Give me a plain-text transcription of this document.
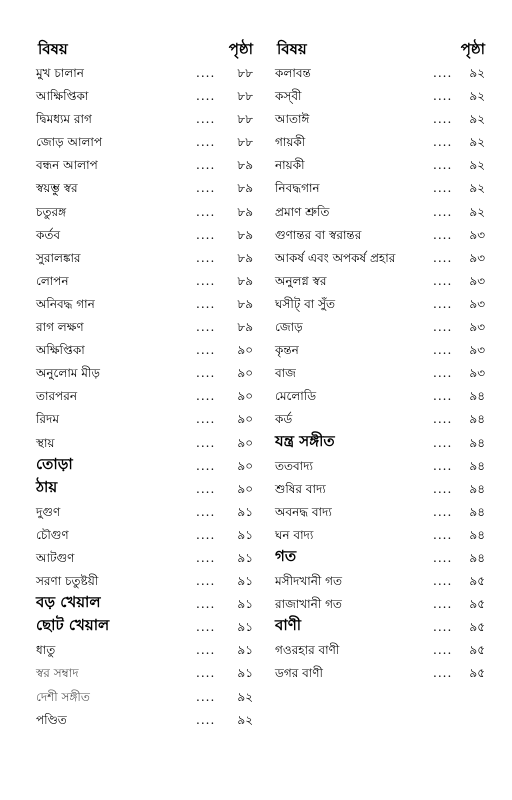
বিষয়	পৃষ্ঠা
মুখ চালান	.... ৮৮
আক্ষিপ্তিকা	.... ৮৮
দ্বিমধ্যম রাগ	.... ৮৮
জোড় আলাপ	.... ৮৮
বন্ধন আলাপ	.... ৮৯
স্বয়ম্ভু স্বর	.... ৮৯
চতুরঙ্গ	.... ৮৯
কর্তব	.... ৮৯
সুরালঙ্কার	.... ৮৯
লোপন	.... ৮৯
অনিবদ্ধ গান	.... ৮৯
রাগ লক্ষণ	.... ৮৯
অক্ষিপ্তিকা	.... ৯০
অনুলোম মীড়	.... ৯০
তারপরন	.... ৯০
রিদম	.... ৯০
স্থায়	.... ৯০
তোড়া	.... ৯০
ঠায়	.... ৯০
দুগুণ	.... ৯১
চৌগুণ	.... ৯১
আটগুণ	.... ৯১
সরণা চতুষ্টয়ী	.... ৯১
বড় খেয়াল	.... ৯১
ছোট খেয়াল	.... ৯১
ধাতু	.... ৯১
স্বর সম্বাদ	.... ৯১
দেশী সঙ্গীত	.... ৯২
পণ্ডিত	.... ৯২
বিষয়	পৃষ্ঠা
কলাবন্ত	.... ৯২
কস্‌বী	.... ৯২
আতাঈ	.... ৯২
গায়কী	.... ৯২
নায়কী	.... ৯২
নিবদ্ধগান	.... ৯২
প্রমাণ শ্রুতি	.... ৯২
গুণান্তর বা স্বরান্তর	.... ৯৩
আকর্ষ এবং অপকর্ষ প্রহার	.... ৯৩
অনুলগ্ন স্বর	.... ৯৩
ঘসীট্‌ বা সুঁত	.... ৯৩
জোড়	.... ৯৩
কৃন্তন	.... ৯৩
বাজ	.... ৯৩
মেলোডি	.... ৯৪
কর্ড	.... ৯৪
যন্ত্র সঙ্গীত	.... ৯৪
ততবাদ্য	.... ৯৪
শুষির বাদ্য	.... ৯৪
অবনদ্ধ বাদ্য	.... ৯৪
ঘন বাদ্য	.... ৯৪
গত	.... ৯৪
মসীদখানী গত	.... ৯৫
রাজাখানী গত	.... ৯৫
বাণী	.... ৯৫
গওরহার বাণী	.... ৯৫
ডগর বাণী	.... ৯৫
